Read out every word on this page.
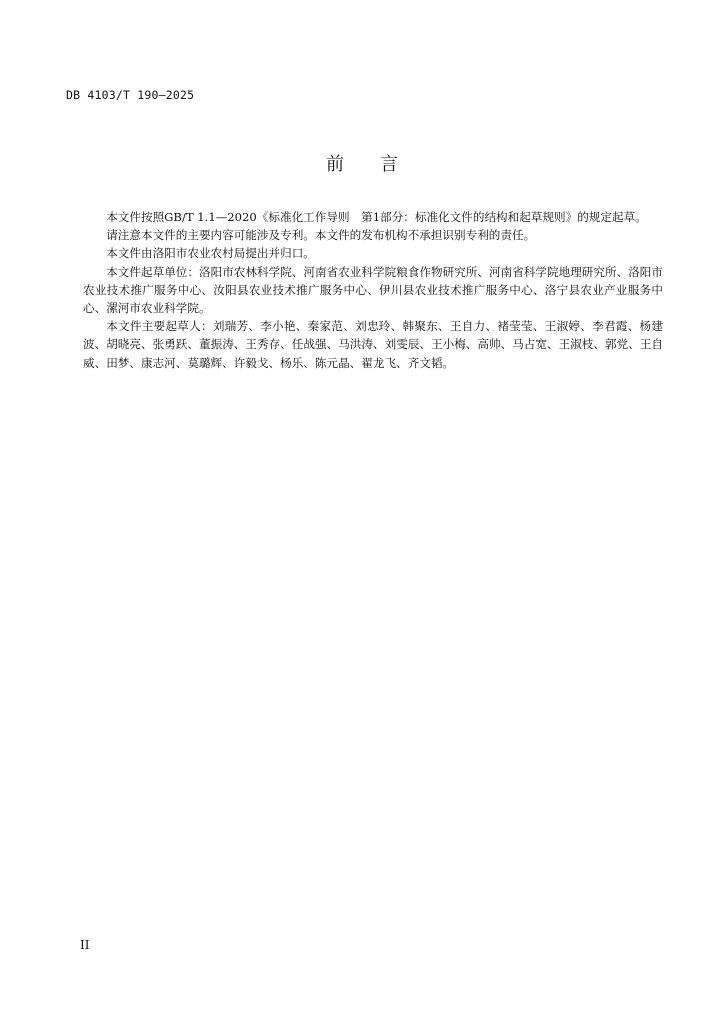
DB 4103/T 190—2025
前 言

本文件按照GB/T 1.1—2020《标准化工作导则　第1部分：标准化文件的结构和起草规则》的规定起草。

请注意本文件的主要内容可能涉及专利。本文件的发布机构不承担识别专利的责任。

本文件由洛阳市农业农村局提出并归口。

本文件起草单位：洛阳市农林科学院、河南省农业科学院粮食作物研究所、河南省科学院地理研究所、洛阳市农业技术推广服务中心、汝阳县农业技术推广服务中心、伊川县农业技术推广服务中心、洛宁县农业产业服务中心、漯河市农业科学院。

本文件主要起草人：刘瑞芳、李小艳、秦家范、刘忠玲、韩聚东、王自力、褚莹莹、王淑婷、李君霞、杨建波、胡晓亮、张勇跃、董振涛、王秀存、任战强、马洪涛、刘雯辰、王小梅、高帅、马占宽、王淑枝、郭党、王自威、田梦、康志河、莫璐辉、许毅戈、杨乐、陈元晶、翟龙飞、齐文韬。

II
